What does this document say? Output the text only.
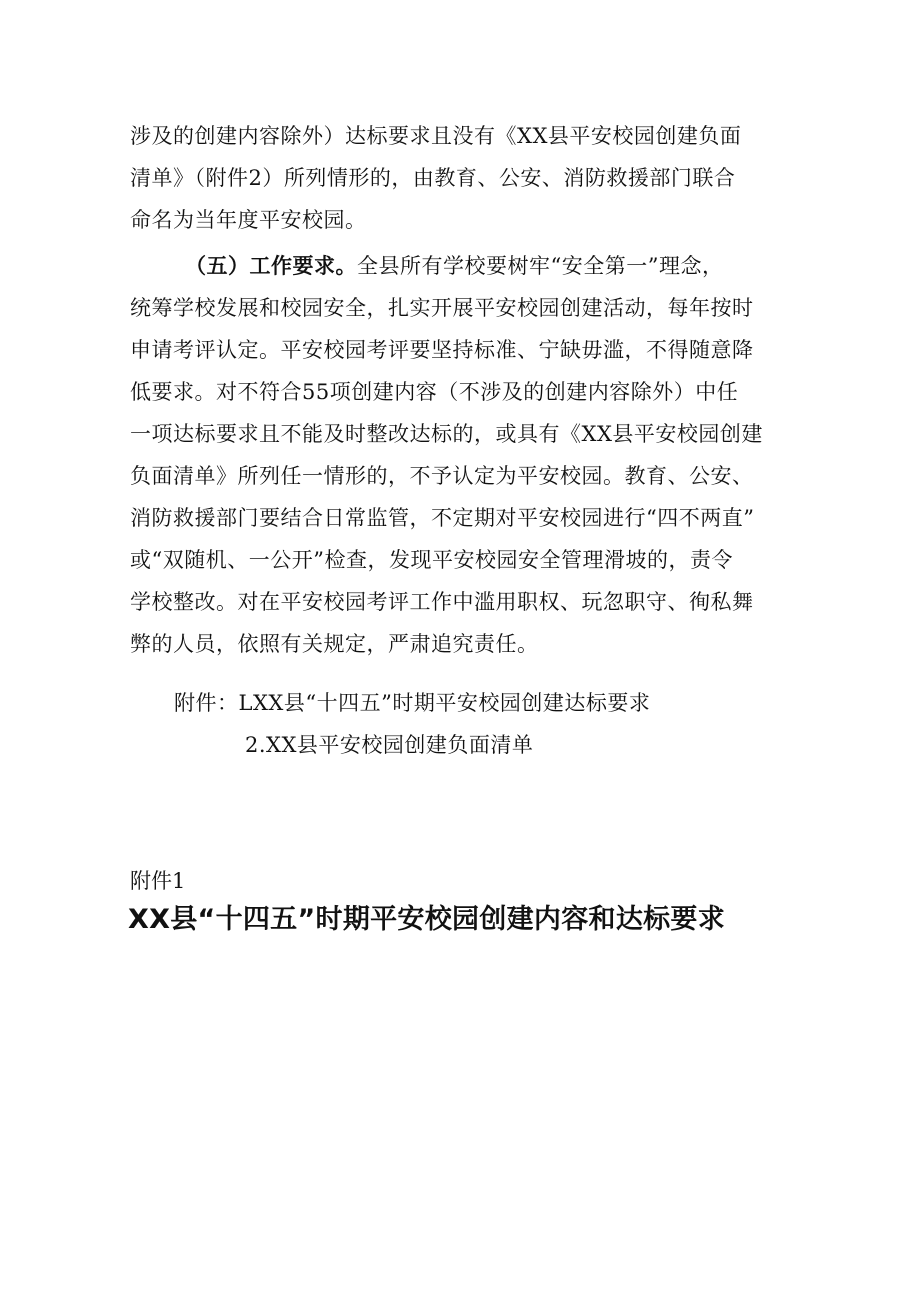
涉及的创建内容除外）达标要求且没有《XX县平安校园创建负面
清单》（附件2）所列情形的，由教育、公安、消防救援部门联合
命名为当年度平安校园。
（五）工作要求。全县所有学校要树牢“安全第一”理念，
统筹学校发展和校园安全，扎实开展平安校园创建活动，每年按时
申请考评认定。平安校园考评要坚持标准、宁缺毋滥，不得随意降
低要求。对不符合55项创建内容（不涉及的创建内容除外）中任
一项达标要求且不能及时整改达标的，或具有《XX县平安校园创建
负面清单》所列任一情形的，不予认定为平安校园。教育、公安、
消防救援部门要结合日常监管，不定期对平安校园进行“四不两直”
或“双随机、一公开”检查，发现平安校园安全管理滑坡的，责令
学校整改。对在平安校园考评工作中滥用职权、玩忽职守、徇私舞
弊的人员，依照有关规定，严肃追究责任。
附件：LXX县“十四五”时期平安校园创建达标要求
2.XX县平安校园创建负面清单
附件1
XX县“十四五”时期平安校园创建内容和达标要求
